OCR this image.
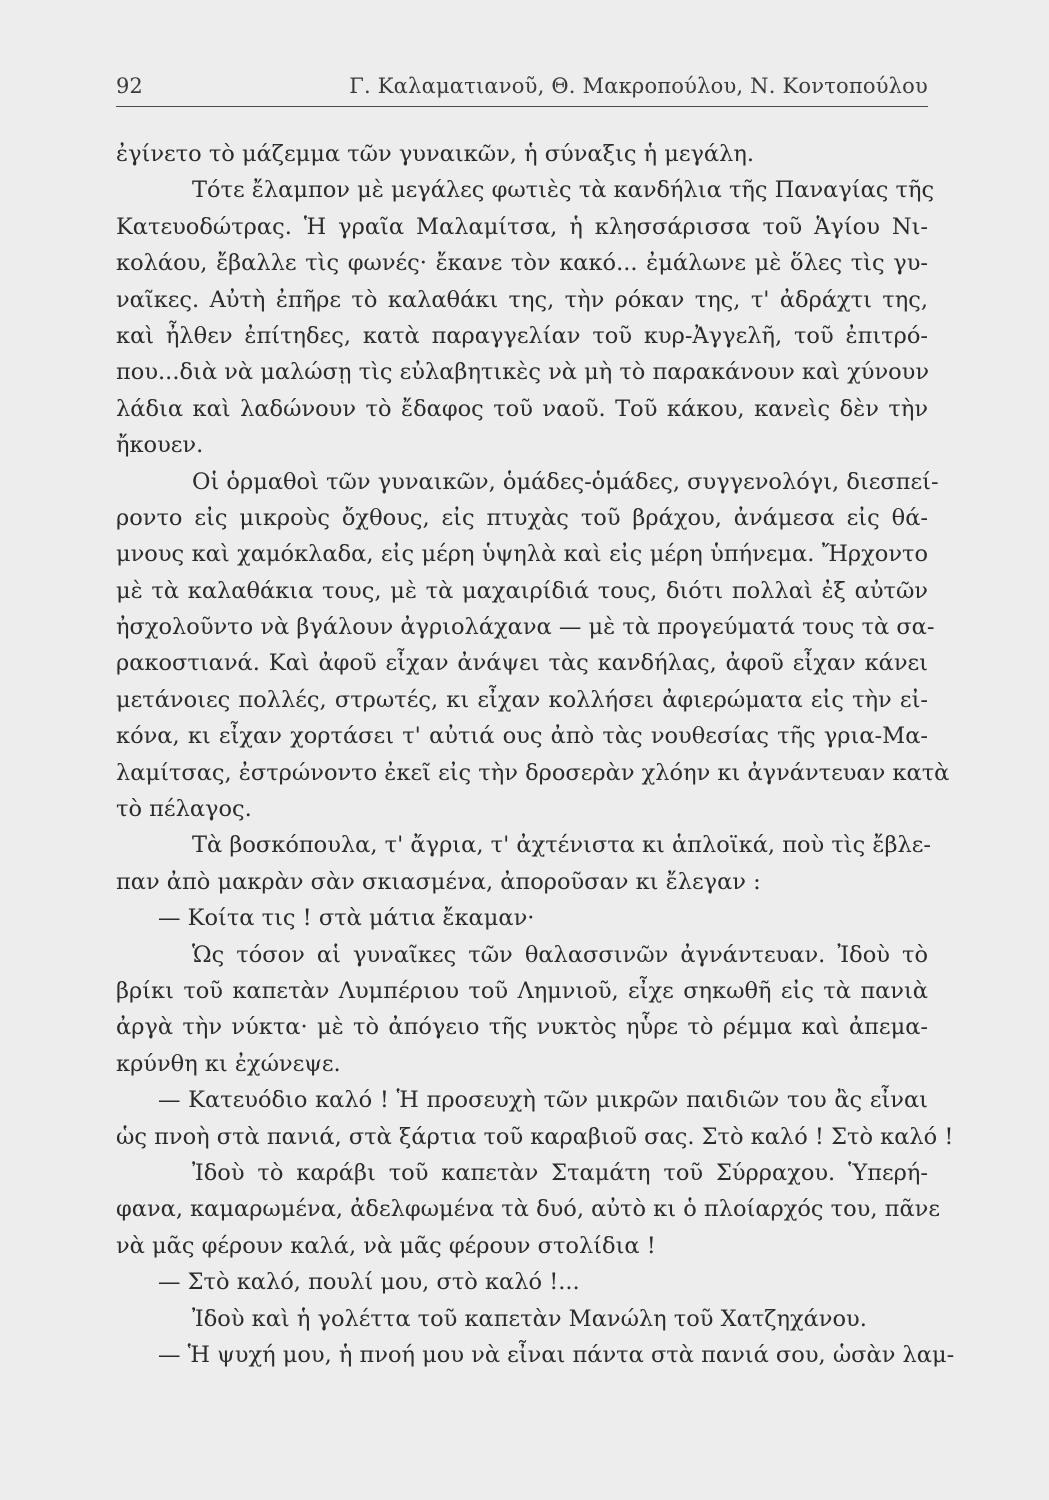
92	Γ. Καλαματιανοῦ, Θ. Μακροπούλου, Ν. Κοντοπούλου
ἐγίνετο τὸ μάζεμμα τῶν γυναικῶν, ἡ σύναξις ἡ μεγάλη.
Τότε ἔλαμπον μὲ μεγάλες φωτιὲς τὰ κανδήλια τῆς Παναγίας τῆς
Κατευοδώτρας. Ἡ γραῖα Μαλαμίτσα, ἡ κλησσάρισσα τοῦ Ἁγίου Νι-
κολάου, ἔβαλλε τὶς φωνές· ἔκανε τὸν κακό... ἐμάλωνε μὲ ὅλες τὶς γυ-
ναῖκες. Αὐτὴ ἐπῆρε τὸ καλαθάκι της, τὴν ρόκαν της, τ' ἀδράχτι της,
καὶ ἦλθεν ἐπίτηδες, κατὰ παραγγελίαν τοῦ κυρ-Ἀγγελῆ, τοῦ ἐπιτρό-
που...διὰ νὰ μαλώσῃ τὶς εὐλαβητικὲς νὰ μὴ τὸ παρακάνουν καὶ χύνουν
λάδια καὶ λαδώνουν τὸ ἔδαφος τοῦ ναοῦ. Τοῦ κάκου, κανεὶς δὲν τὴν
ἤκουεν.
Οἱ ὁρμαθοὶ τῶν γυναικῶν, ὁμάδες-ὁμάδες, συγγενολόγι, διεσπεί-
ροντο εἰς μικροὺς ὄχθους, εἰς πτυχὰς τοῦ βράχου, ἀνάμεσα εἰς θά-
μνους καὶ χαμόκλαδα, εἰς μέρη ὑψηλὰ καὶ εἰς μέρη ὑπήνεμα. Ἤρχοντο
μὲ τὰ καλαθάκια τους, μὲ τὰ μαχαιρίδιά τους, διότι πολλαὶ ἐξ αὐτῶν
ἠσχολοῦντο νὰ βγάλουν ἀγριολάχανα — μὲ τὰ προγεύματά τους τὰ σα-
ρακοστιανά. Καὶ ἀφοῦ εἶχαν ἀνάψει τὰς κανδήλας, ἀφοῦ εἶχαν κάνει
μετάνοιες πολλές, στρωτές, κι εἶχαν κολλήσει ἀφιερώματα εἰς τὴν εἰ-
κόνα, κι εἶχαν χορτάσει τ' αὐτιά ους ἀπὸ τὰς νουθεσίας τῆς γρια-Μα-
λαμίτσας, ἐστρώνοντο ἐκεῖ εἰς τὴν δροσερὰν χλόην κι ἀγνάντευαν κατὰ
τὸ πέλαγος.
Τὰ βοσκόπουλα, τ' ἄγρια, τ' ἀχτένιστα κι ἁπλοϊκά, ποὺ τὶς ἔβλε-
παν ἀπὸ μακρὰν σὰν σκιασμένα, ἀποροῦσαν κι ἔλεγαν :
— Κοίτα τις ! στὰ μάτια ἔκαμαν·
Ὡς τόσον αἱ γυναῖκες τῶν θαλασσινῶν ἀγνάντευαν. Ἰδοὺ τὸ
βρίκι τοῦ καπετὰν Λυμπέριου τοῦ Λημνιοῦ, εἶχε σηκωθῆ εἰς τὰ πανιὰ
ἀργὰ τὴν νύκτα· μὲ τὸ ἀπόγειο τῆς νυκτὸς ηὗρε τὸ ρέμμα καὶ ἀπεμα-
κρύνθη κι ἐχώνεψε.
— Κατευόδιο καλό ! Ἡ προσευχὴ τῶν μικρῶν παιδιῶν του ἂς εἶναι
ὡς πνοὴ στὰ πανιά, στὰ ξάρτια τοῦ καραβιοῦ σας. Στὸ καλό ! Στὸ καλό !
Ἰδοὺ τὸ καράβι τοῦ καπετὰν Σταμάτη τοῦ Σύρραχου. Ὑπερή-
φανα, καμαρωμένα, ἀδελφωμένα τὰ δυό, αὐτὸ κι ὁ πλοίαρχός του, πᾶνε
νὰ μᾶς φέρουν καλά, νὰ μᾶς φέρουν στολίδια !
— Στὸ καλό, πουλί μου, στὸ καλό !...
Ἰδοὺ καὶ ἡ γολέττα τοῦ καπετὰν Μανώλη τοῦ Χατζηχάνου.
— Ἡ ψυχή μου, ἡ πνοή μου νὰ εἶναι πάντα στὰ πανιά σου, ὡσὰν λαμ-
